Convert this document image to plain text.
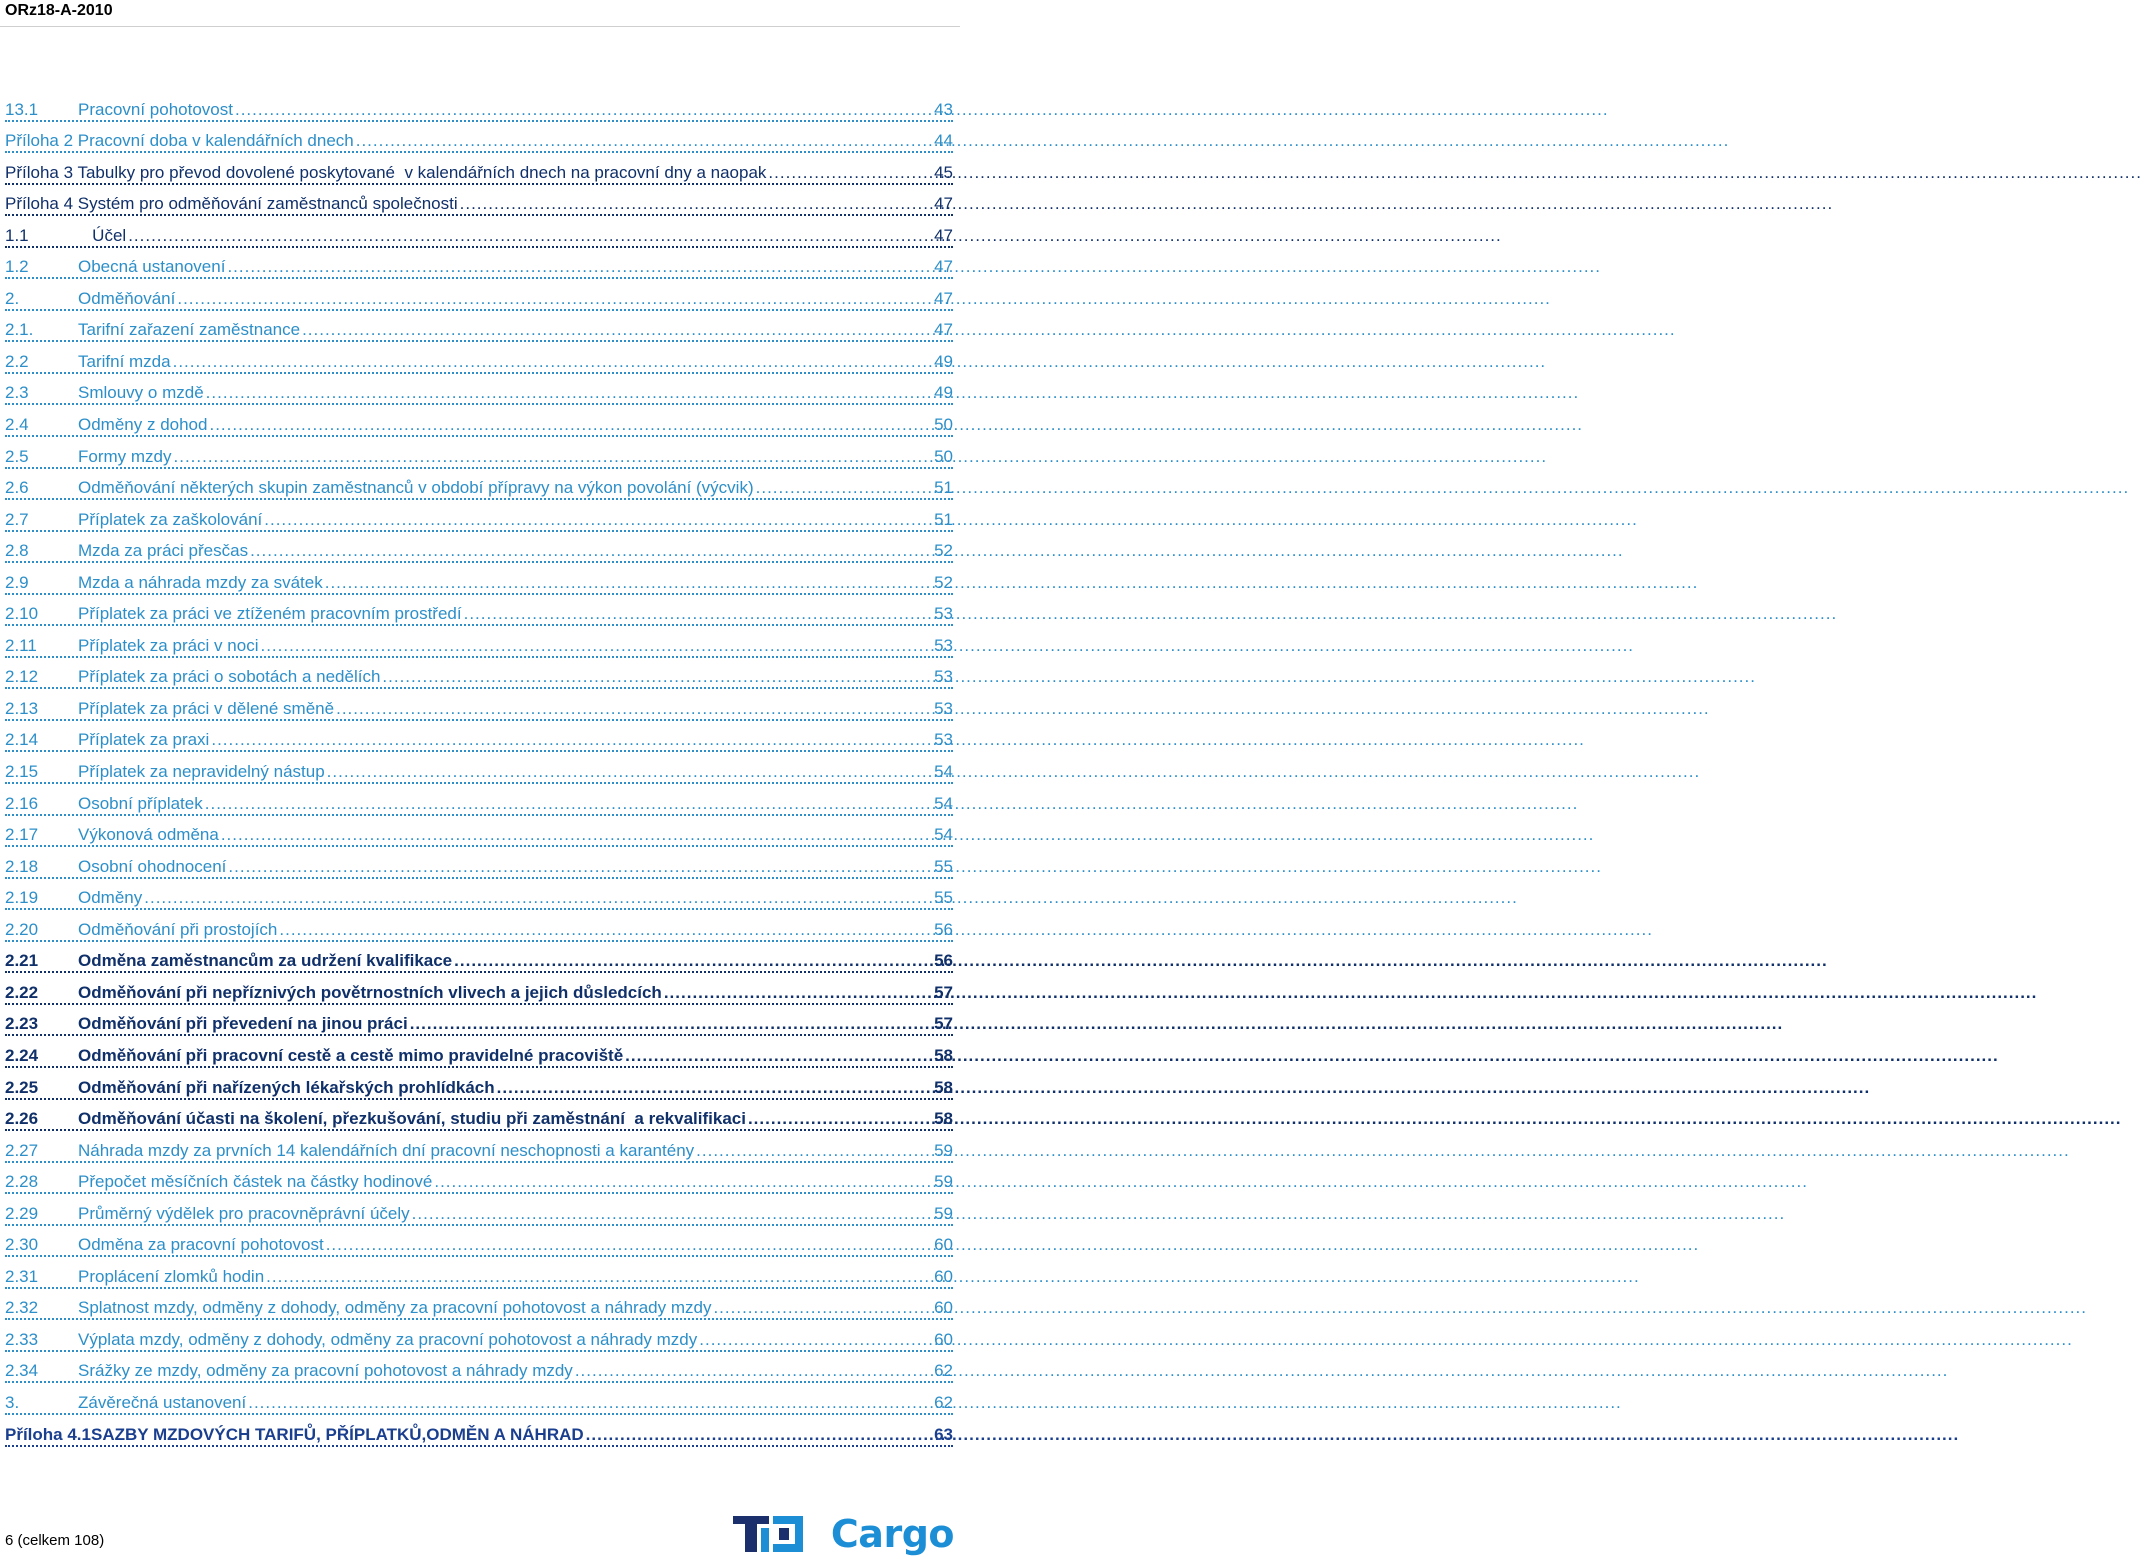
ORz18-A-2010
13.1	Pracovní pohotovost .....	43
Příloha 2 Pracovní doba v kalendářních dnech .....	44
Příloha 3 Tabulky pro převod dovolené poskytované  v kalendářních dnech na pracovní dny a naopak .....	45
Příloha 4 Systém pro odměňování zaměstnanců společnosti .....	47
1.1	Účel .....	47
1.2	Obecná ustanovení .....	47
2.	Odměňování .....	47
2.1.	Tarifní zařazení zaměstnance .....	47
2.2	Tarifní mzda .....	49
2.3	Smlouvy o mzdě .....	49
2.4	Odměny z dohod .....	50
2.5	Formy mzdy .....	50
2.6	Odměňování některých skupin zaměstnanců v období přípravy na výkon povolání (výcvik) .....	51
2.7	Příplatek za zaškolování .....	51
2.8	Mzda za práci přesčas .....	52
2.9	Mzda a náhrada mzdy za svátek .....	52
2.10	Příplatek za práci ve ztíženém pracovním prostředí .....	53
2.11	Příplatek za práci v noci .....	53
2.12	Příplatek za práci o sobotách a nedělích .....	53
2.13	Příplatek za práci v dělené směně .....	53
2.14	Příplatek za praxi .....	53
2.15	Příplatek za nepravidelný nástup .....	54
2.16	Osobní příplatek .....	54
2.17	Výkonová odměna .....	54
2.18	Osobní ohodnocení .....	55
2.19	Odměny .....	55
2.20	Odměňování při prostojích .....	56
2.21	Odměna zaměstnancům za udržení kvalifikace .....	56
2.22	Odměňování při nepříznivých povětrnostních vlivech a jejich důsledcích .....	57
2.23	Odměňování při převedení na jinou práci .....	57
2.24	Odměňování při pracovní cestě a cestě mimo pravidelné pracoviště .....	58
2.25	Odměňování při nařízených lékařských prohlídkách .....	58
2.26	Odměňování účasti na školení, přezkušování, studiu při zaměstnání  a rekvalifikaci .....	58
2.27	Náhrada mzdy za prvních 14 kalendářních dní pracovní neschopnosti a karantény .....	59
2.28	Přepočet měsíčních částek na částky hodinové .....	59
2.29	Průměrný výdělek pro pracovněprávní účely .....	59
2.30	Odměna za pracovní pohotovost .....	60
2.31	Proplácení zlomků hodin .....	60
2.32	Splatnost mzdy, odměny z dohody, odměny za pracovní pohotovost a náhrady mzdy .....	60
2.33	Výplata mzdy, odměny z dohody, odměny za pracovní pohotovost a náhrady mzdy .....	60
2.34	Srážky ze mzdy, odměny za pracovní pohotovost a náhrady mzdy .....	62
3.	Závěrečná ustanovení .....	62
Příloha 4.1SAZBY MZDOVÝCH TARIFŮ, PŘÍPLATKŮ,ODMĚN A NÁHRAD .....	63
6 (celkem 108)	Cargo
